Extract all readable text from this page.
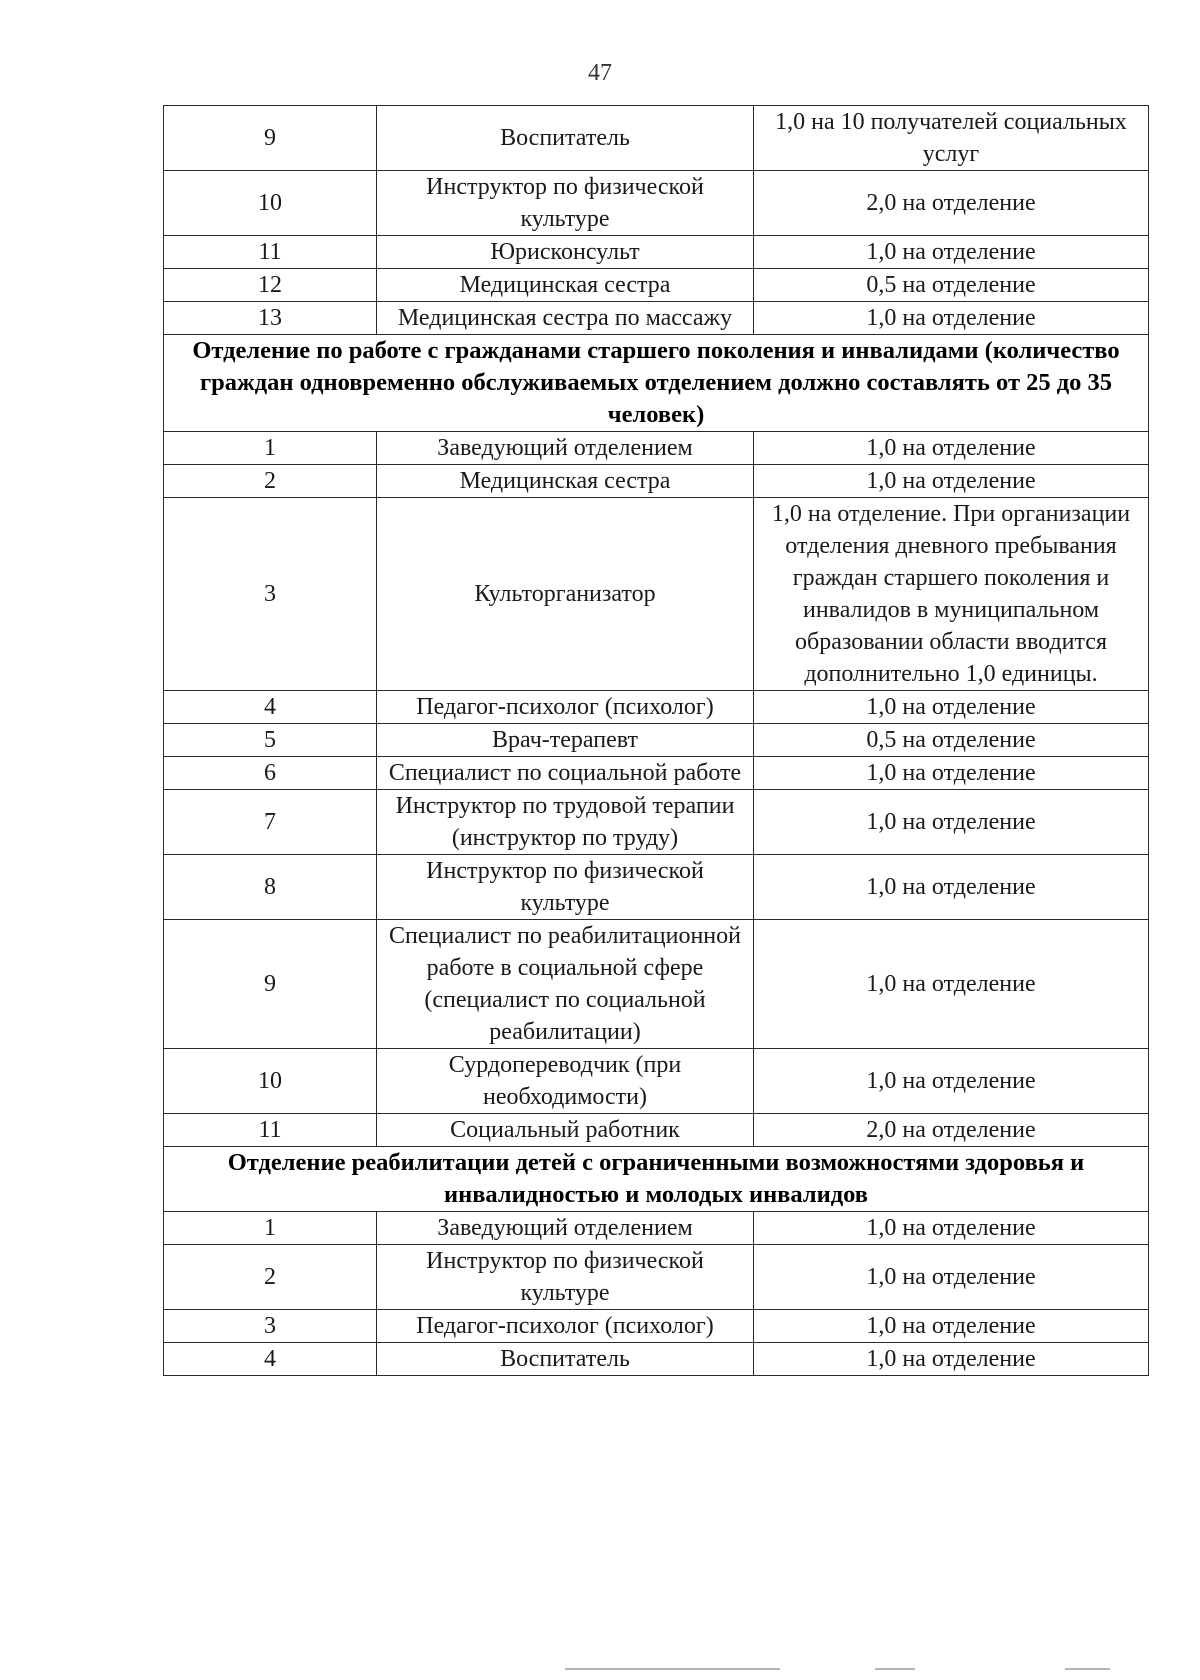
47
9	Воспитатель	1,0 на 10 получателей социальных услуг
10	Инструктор по физической культуре	2,0 на отделение
11	Юрисконсульт	1,0 на отделение
12	Медицинская сестра	0,5 на отделение
13	Медицинская сестра по массажу	1,0 на отделение
Отделение по работе с гражданами старшего поколения и инвалидами (количество граждан одновременно обслуживаемых отделением должно составлять от 25 до 35 человек)		
1	Заведующий отделением	1,0 на отделение
2	Медицинская сестра	1,0 на отделение
3	Культорганизатор	1,0 на отделение. При организации отделения дневного пребывания граждан старшего поколения и инвалидов в муниципальном образовании области вводится дополнительно 1,0 единицы.
4	Педагог-психолог (психолог)	1,0 на отделение
5	Врач-терапевт	0,5 на отделение
6	Специалист по социальной работе	1,0 на отделение
7	Инструктор по трудовой терапии (инструктор по труду)	1,0 на отделение
8	Инструктор по физической культуре	1,0 на отделение
9	Специалист по реабилитационной работе в социальной сфере (специалист по социальной реабилитации)	1,0 на отделение
10	Сурдопереводчик (при необходимости)	1,0 на отделение
11	Социальный работник	2,0 на отделение
Отделение реабилитации детей с ограниченными возможностями здоровья и инвалидностью и молодых инвалидов		
1	Заведующий отделением	1,0 на отделение
2	Инструктор по физической культуре	1,0 на отделение
3	Педагог-психолог (психолог)	1,0 на отделение
4	Воспитатель	1,0 на отделение
